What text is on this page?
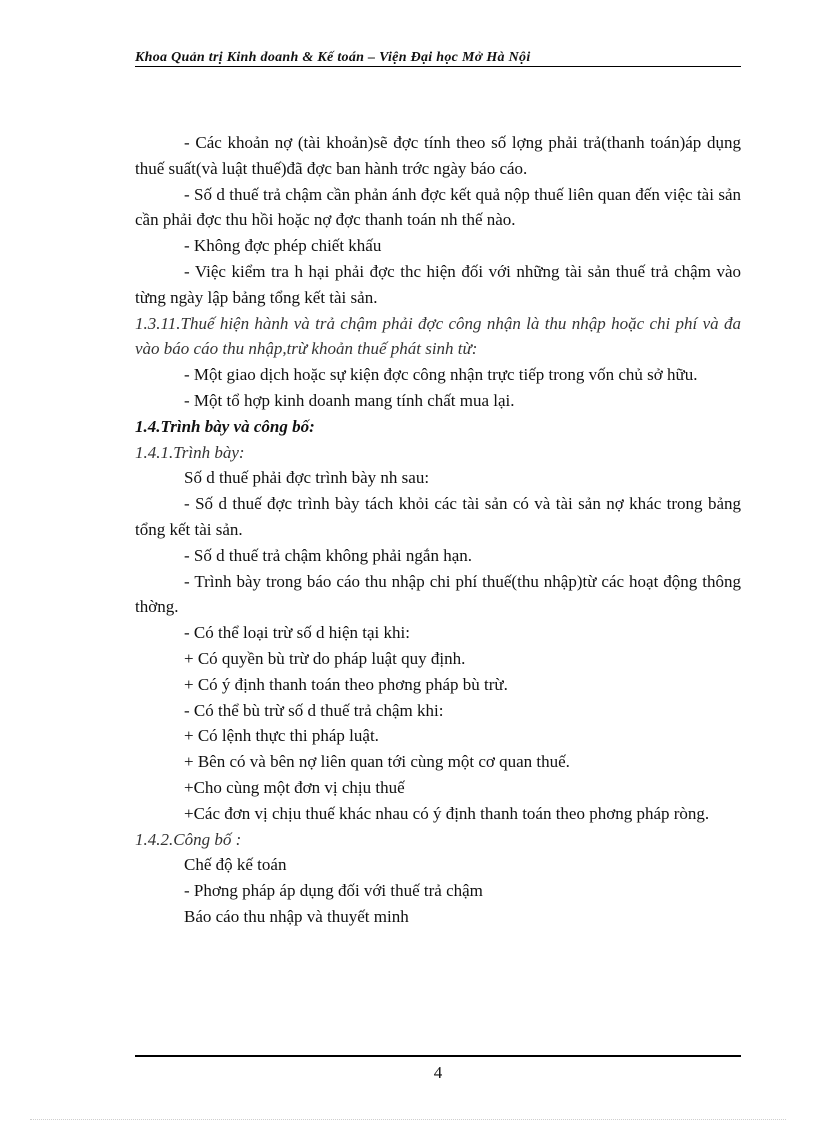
Khoa Quản trị Kinh doanh & Kế toán – Viện Đại học Mở Hà Nội

- Các khoản nợ (tài khoản)sẽ đợc tính theo số lợng phải trả(thanh toán)áp dụng thuế suất(và luật thuế)đã đợc ban hành trớc ngày báo cáo.

- Số d thuế trả chậm cần phản ánh đợc kết quả nộp thuế liên quan đến việc tài sản cần phải đợc thu hồi hoặc nợ đợc thanh toán nh thế nào.

- Không đợc phép chiết khấu

- Việc kiểm tra h hại phải đợc thc hiện đối với những tài sản thuế trả chậm vào từng ngày lập bảng tổng kết tài sản.

1.3.11.Thuế hiện hành và trả chậm phải đợc công nhận là thu nhập hoặc chi phí và đa vào báo cáo thu nhập,trừ khoản thuế phát sinh từ:

- Một giao dịch hoặc sự kiện đợc công nhận trực tiếp trong vốn chủ sở hữu.

- Một tổ hợp kinh doanh mang tính chất mua lại.

1.4.Trình bày và công bố:

1.4.1.Trình bày:

Số d thuế phải đợc trình bày nh sau:

- Số d thuế đợc trình bày tách khỏi các tài sản có và tài sản nợ khác trong bảng tổng kết tài sản.

- Số d thuế trả chậm không phải ngắn hạn.

- Trình bày trong báo cáo thu nhập chi phí thuế(thu nhập)từ các hoạt động thông thờng.

- Có thể loại trừ số d hiện tại khi:

+ Có quyền bù trừ do pháp luật quy định.

+ Có ý định thanh toán theo phơng pháp bù trừ.

- Có thể bù trừ số d thuế trả chậm khi:

+ Có lệnh thực thi pháp luật.

+ Bên có và bên nợ liên quan tới cùng một cơ quan thuế.

+Cho cùng một đơn vị chịu thuế

+Các đơn vị chịu thuế khác nhau có ý định thanh toán theo phơng pháp ròng.

1.4.2.Công bố :

Chế độ kế toán

- Phơng pháp áp dụng đối với thuế trả chậm

Báo cáo thu nhập và thuyết minh

4
